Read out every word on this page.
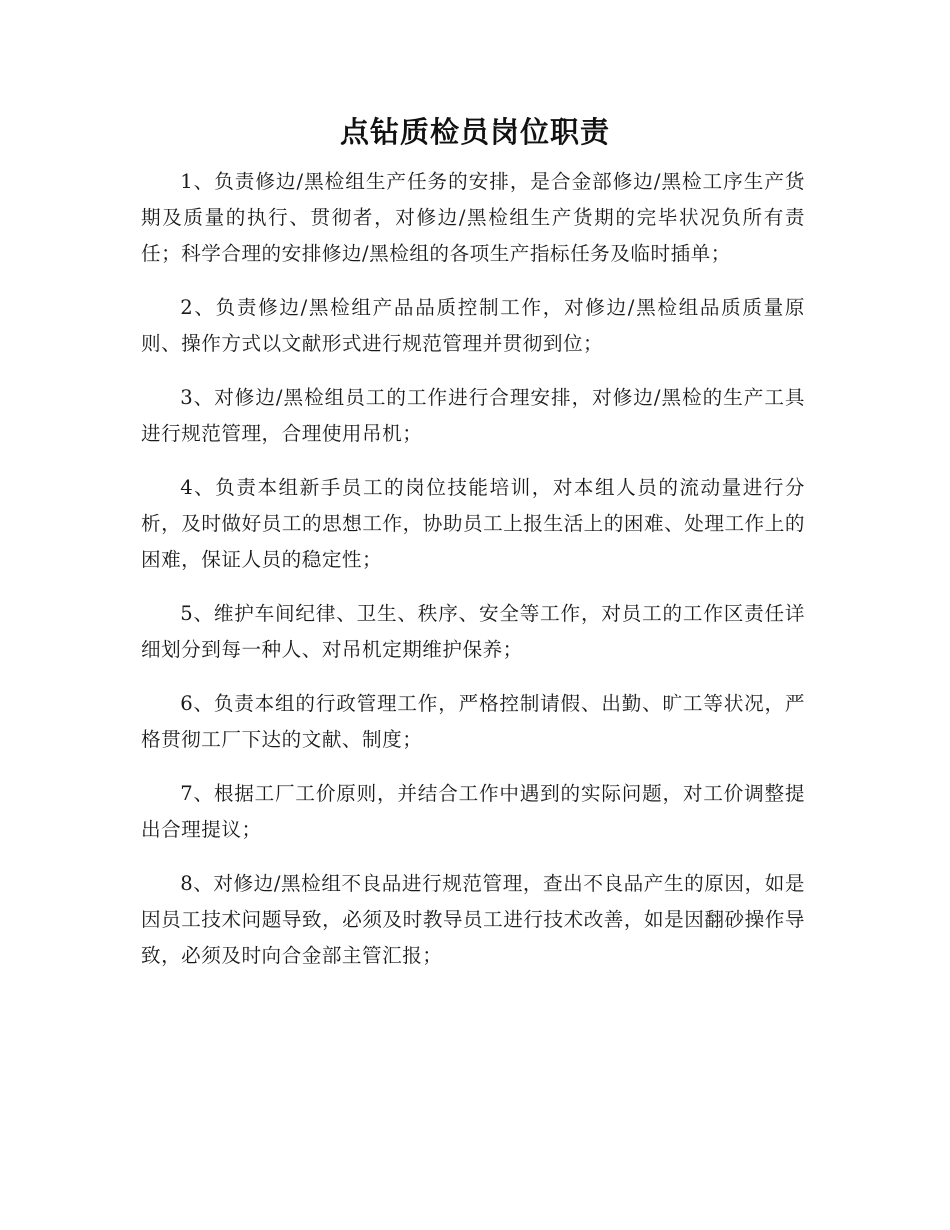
点钻质检员岗位职责

1、负责修边/黑检组生产任务的安排，是合金部修边/黑检工序生产货期及质量的执行、贯彻者，对修边/黑检组生产货期的完毕状况负所有责任；科学合理的安排修边/黑检组的各项生产指标任务及临时插单；

2、负责修边/黑检组产品品质控制工作，对修边/黑检组品质质量原则、操作方式以文献形式进行规范管理并贯彻到位；

3、对修边/黑检组员工的工作进行合理安排，对修边/黑检的生产工具进行规范管理，合理使用吊机；

4、负责本组新手员工的岗位技能培训，对本组人员的流动量进行分析，及时做好员工的思想工作，协助员工上报生活上的困难、处理工作上的困难，保证人员的稳定性；

5、维护车间纪律、卫生、秩序、安全等工作，对员工的工作区责任详细划分到每一种人、对吊机定期维护保养；

6、负责本组的行政管理工作，严格控制请假、出勤、旷工等状况，严格贯彻工厂下达的文献、制度；

7、根据工厂工价原则，并结合工作中遇到的实际问题，对工价调整提出合理提议；

8、对修边/黑检组不良品进行规范管理，查出不良品产生的原因，如是因员工技术问题导致，必须及时教导员工进行技术改善，如是因翻砂操作导致，必须及时向合金部主管汇报；
